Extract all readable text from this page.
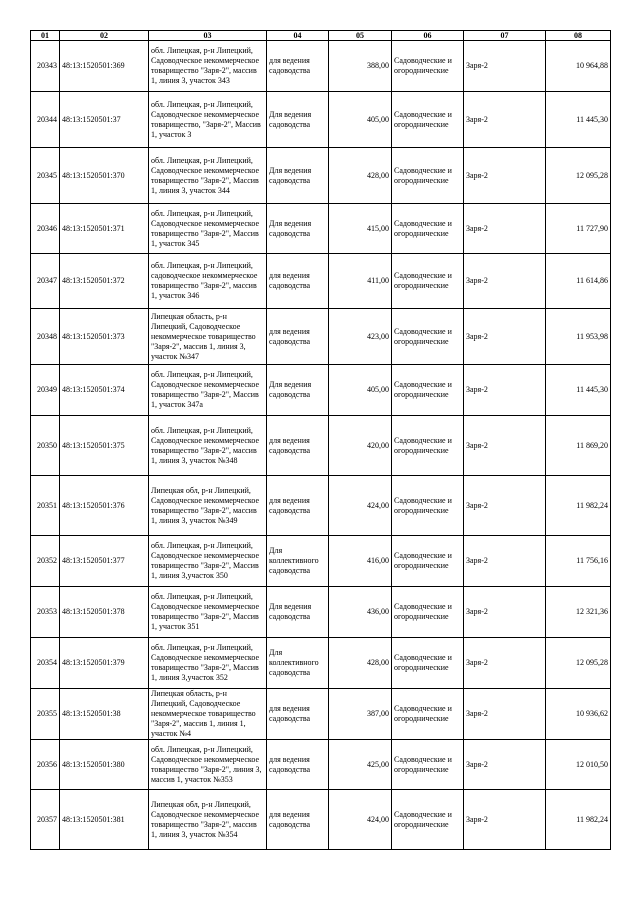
01	02	03	04	05	06	07	08
20343	48:13:1520501:369	обл. Липецкая, р-н Липецкий, Садоводческое некоммерческое товарищество "Заря-2", массив 1, линия 3, участок 343	для ведения садоводства	388,00	Садоводческие и огороднические	Заря-2	10 964,88
20344	48:13:1520501:37	обл. Липецкая, р-н Липецкий, Садоводческое некоммерческое товарищество, "Заря-2", Массив 1, участок 3	Для ведения садоводства	405,00	Садоводческие и огороднические	Заря-2	11 445,30
20345	48:13:1520501:370	обл. Липецкая, р-н Липецкий, Садоводческое некоммерческое товарищество "Заря-2", Массив 1, линия 3, участок 344	Для ведения садоводства	428,00	Садоводческие и огороднические	Заря-2	12 095,28
20346	48:13:1520501:371	обл. Липецкая, р-н Липецкий, Садоводческое некоммерческое товарищество "Заря-2", Массив 1, участок 345	Для ведения садоводства	415,00	Садоводческие и огороднические	Заря-2	11 727,90
20347	48:13:1520501:372	обл. Липецкая, р-н Липецкий, садоводческое некоммерческое товарищество "Заря-2", массив 1, участок 346	для ведения садоводства	411,00	Садоводческие и огороднические	Заря-2	11 614,86
20348	48:13:1520501:373	Липецкая область, р-н Липецкий, Садоводческое некоммерческое товарищество "Заря-2", массив 1, линия 3, участок №347	для ведения садоводства	423,00	Садоводческие и огороднические	Заря-2	11 953,98
20349	48:13:1520501:374	обл. Липецкая, р-н Липецкий, Садоводческое некоммерческое товарищество "Заря-2", Массив 1, участок 347а	Для ведения садоводства	405,00	Садоводческие и огороднические	Заря-2	11 445,30
20350	48:13:1520501:375	обл. Липецкая, р-н Липецкий, Садоводческое некоммерческое товарищество "Заря-2", массив 1, линия 3, участок №348	для ведения садоводства	420,00	Садоводческие и огороднические	Заря-2	11 869,20
20351	48:13:1520501:376	Липецкая обл, р-н Липецкий, Садоводческое некоммерческое товарищество "Заря-2", массив 1, линия 3, участок №349	для ведения садоводства	424,00	Садоводческие и огороднические	Заря-2	11 982,24
20352	48:13:1520501:377	обл. Липецкая, р-н Липецкий, Садоводческое некоммерческое товарищество "Заря-2", Массив 1, линия 3,участок 350	Для коллективного садоводства	416,00	Садоводческие и огороднические	Заря-2	11 756,16
20353	48:13:1520501:378	обл. Липецкая, р-н Липецкий, Садоводческое некоммерческое товарищество "Заря-2", Массив 1, участок 351	Для ведения садоводства	436,00	Садоводческие и огороднические	Заря-2	12 321,36
20354	48:13:1520501:379	обл. Липецкая, р-н Липецкий, Садоводческое некоммерческое товарищество "Заря-2", Массив 1, линия 3,участок 352	Для коллективного садоводства	428,00	Садоводческие и огороднические	Заря-2	12 095,28
20355	48:13:1520501:38	Липецкая область, р-н Липецкий, Садоводческое некоммерческое товарищество "Заря-2", массив 1, линия 1, участок №4	для ведения садоводства	387,00	Садоводческие и огороднические	Заря-2	10 936,62
20356	48:13:1520501:380	обл. Липецкая, р-н Липецкий, Садоводческое некоммерческое товарищество "Заря-2", линия 3, массив 1, участок №353	для ведения садоводства	425,00	Садоводческие и огороднические	Заря-2	12 010,50
20357	48:13:1520501:381	Липецкая обл, р-н Липецкий, Садоводческое некоммерческое товарищество "Заря-2", массив 1, линия 3, участок №354	для ведения садоводства	424,00	Садоводческие и огороднические	Заря-2	11 982,24
